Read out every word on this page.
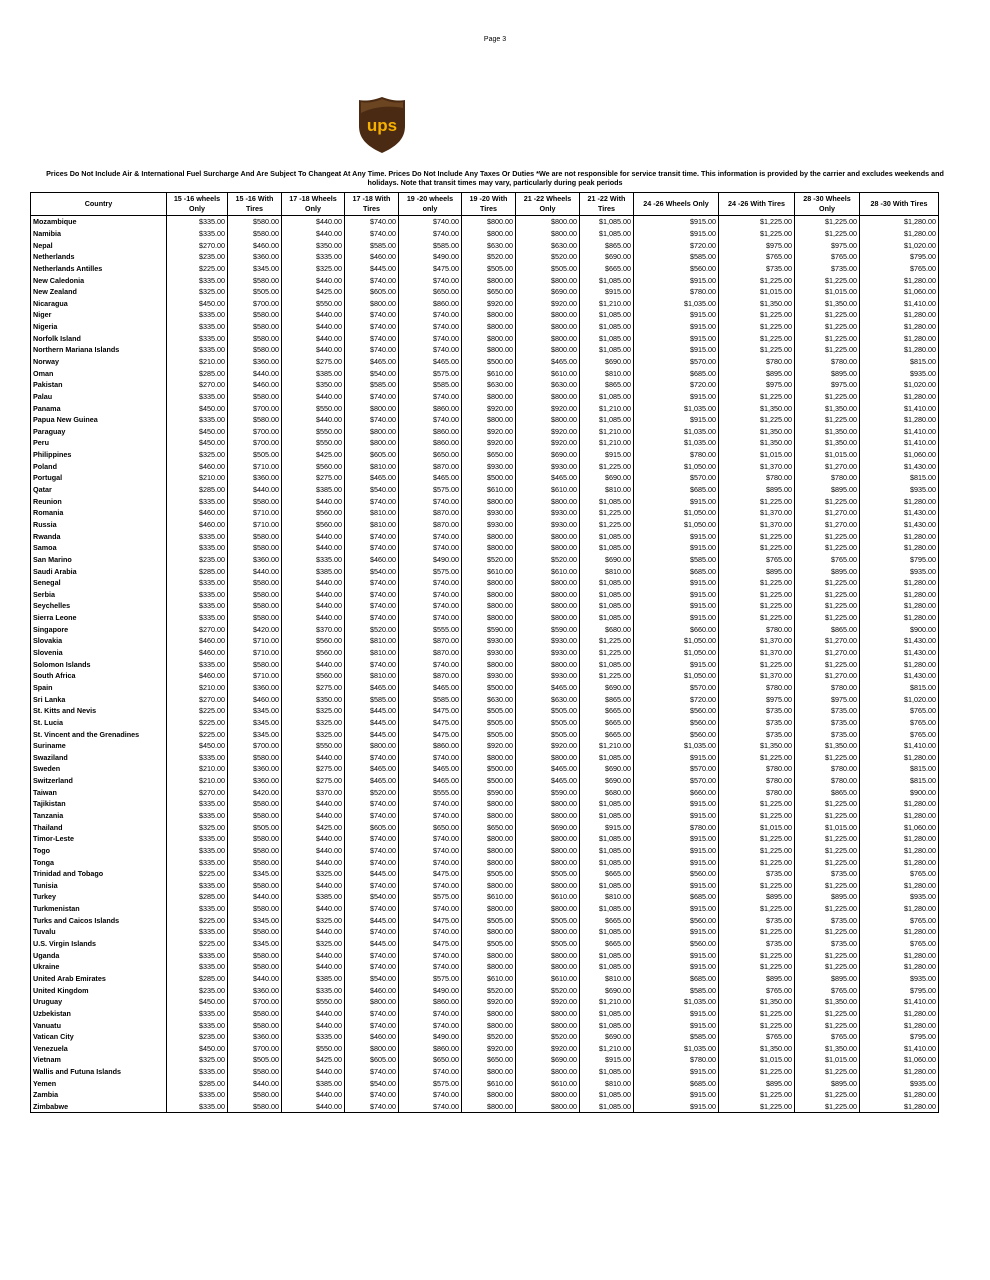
Page 3
ups
Prices Do Not Include Air & International Fuel Surcharge And Are Subject To Changeat At Any Time. Prices Do Not Include Any Taxes Or Duties *We are not responsible for service transit time. This information is provided by the carrier and excludes weekends and holidays. Note that transit times may vary, particularly during peak periods
Country	15 -16 wheels Only	15 -16 With Tires	17 -18 Wheels Only	17 -18 With Tires	19 -20 wheels only	19 -20 With Tires	21 -22 Wheels Only	21 -22 With Tires	24 -26 Wheels Only	24 -26 With Tires	28 -30 Wheels Only	28 -30 With Tires
Mozambique	$335.00	$580.00	$440.00	$740.00	$740.00	$800.00	$800.00	$1,085.00	$915.00	$1,225.00	$1,225.00	$1,280.00
Namibia	$335.00	$580.00	$440.00	$740.00	$740.00	$800.00	$800.00	$1,085.00	$915.00	$1,225.00	$1,225.00	$1,280.00
Nepal	$270.00	$460.00	$350.00	$585.00	$585.00	$630.00	$630.00	$865.00	$720.00	$975.00	$975.00	$1,020.00
Netherlands	$235.00	$360.00	$335.00	$460.00	$490.00	$520.00	$520.00	$690.00	$585.00	$765.00	$765.00	$795.00
Netherlands Antilles	$225.00	$345.00	$325.00	$445.00	$475.00	$505.00	$505.00	$665.00	$560.00	$735.00	$735.00	$765.00
New Caledonia	$335.00	$580.00	$440.00	$740.00	$740.00	$800.00	$800.00	$1,085.00	$915.00	$1,225.00	$1,225.00	$1,280.00
New Zealand	$325.00	$505.00	$425.00	$605.00	$650.00	$650.00	$690.00	$915.00	$780.00	$1,015.00	$1,015.00	$1,060.00
Nicaragua	$450.00	$700.00	$550.00	$800.00	$860.00	$920.00	$920.00	$1,210.00	$1,035.00	$1,350.00	$1,350.00	$1,410.00
Niger	$335.00	$580.00	$440.00	$740.00	$740.00	$800.00	$800.00	$1,085.00	$915.00	$1,225.00	$1,225.00	$1,280.00
Nigeria	$335.00	$580.00	$440.00	$740.00	$740.00	$800.00	$800.00	$1,085.00	$915.00	$1,225.00	$1,225.00	$1,280.00
Norfolk Island	$335.00	$580.00	$440.00	$740.00	$740.00	$800.00	$800.00	$1,085.00	$915.00	$1,225.00	$1,225.00	$1,280.00
Northern Mariana Islands	$335.00	$580.00	$440.00	$740.00	$740.00	$800.00	$800.00	$1,085.00	$915.00	$1,225.00	$1,225.00	$1,280.00
Norway	$210.00	$360.00	$275.00	$465.00	$465.00	$500.00	$465.00	$690.00	$570.00	$780.00	$780.00	$815.00
Oman	$285.00	$440.00	$385.00	$540.00	$575.00	$610.00	$610.00	$810.00	$685.00	$895.00	$895.00	$935.00
Pakistan	$270.00	$460.00	$350.00	$585.00	$585.00	$630.00	$630.00	$865.00	$720.00	$975.00	$975.00	$1,020.00
Palau	$335.00	$580.00	$440.00	$740.00	$740.00	$800.00	$800.00	$1,085.00	$915.00	$1,225.00	$1,225.00	$1,280.00
Panama	$450.00	$700.00	$550.00	$800.00	$860.00	$920.00	$920.00	$1,210.00	$1,035.00	$1,350.00	$1,350.00	$1,410.00
Papua New Guinea	$335.00	$580.00	$440.00	$740.00	$740.00	$800.00	$800.00	$1,085.00	$915.00	$1,225.00	$1,225.00	$1,280.00
Paraguay	$450.00	$700.00	$550.00	$800.00	$860.00	$920.00	$920.00	$1,210.00	$1,035.00	$1,350.00	$1,350.00	$1,410.00
Peru	$450.00	$700.00	$550.00	$800.00	$860.00	$920.00	$920.00	$1,210.00	$1,035.00	$1,350.00	$1,350.00	$1,410.00
Philippines	$325.00	$505.00	$425.00	$605.00	$650.00	$650.00	$690.00	$915.00	$780.00	$1,015.00	$1,015.00	$1,060.00
Poland	$460.00	$710.00	$560.00	$810.00	$870.00	$930.00	$930.00	$1,225.00	$1,050.00	$1,370.00	$1,270.00	$1,430.00
Portugal	$210.00	$360.00	$275.00	$465.00	$465.00	$500.00	$465.00	$690.00	$570.00	$780.00	$780.00	$815.00
Qatar	$285.00	$440.00	$385.00	$540.00	$575.00	$610.00	$610.00	$810.00	$685.00	$895.00	$895.00	$935.00
Reunion	$335.00	$580.00	$440.00	$740.00	$740.00	$800.00	$800.00	$1,085.00	$915.00	$1,225.00	$1,225.00	$1,280.00
Romania	$460.00	$710.00	$560.00	$810.00	$870.00	$930.00	$930.00	$1,225.00	$1,050.00	$1,370.00	$1,270.00	$1,430.00
Russia	$460.00	$710.00	$560.00	$810.00	$870.00	$930.00	$930.00	$1,225.00	$1,050.00	$1,370.00	$1,270.00	$1,430.00
Rwanda	$335.00	$580.00	$440.00	$740.00	$740.00	$800.00	$800.00	$1,085.00	$915.00	$1,225.00	$1,225.00	$1,280.00
Samoa	$335.00	$580.00	$440.00	$740.00	$740.00	$800.00	$800.00	$1,085.00	$915.00	$1,225.00	$1,225.00	$1,280.00
San Marino	$235.00	$360.00	$335.00	$460.00	$490.00	$520.00	$520.00	$690.00	$585.00	$765.00	$765.00	$795.00
Saudi Arabia	$285.00	$440.00	$385.00	$540.00	$575.00	$610.00	$610.00	$810.00	$685.00	$895.00	$895.00	$935.00
Senegal	$335.00	$580.00	$440.00	$740.00	$740.00	$800.00	$800.00	$1,085.00	$915.00	$1,225.00	$1,225.00	$1,280.00
Serbia	$335.00	$580.00	$440.00	$740.00	$740.00	$800.00	$800.00	$1,085.00	$915.00	$1,225.00	$1,225.00	$1,280.00
Seychelles	$335.00	$580.00	$440.00	$740.00	$740.00	$800.00	$800.00	$1,085.00	$915.00	$1,225.00	$1,225.00	$1,280.00
Sierra Leone	$335.00	$580.00	$440.00	$740.00	$740.00	$800.00	$800.00	$1,085.00	$915.00	$1,225.00	$1,225.00	$1,280.00
Singapore	$270.00	$420.00	$370.00	$520.00	$555.00	$590.00	$590.00	$680.00	$660.00	$780.00	$865.00	$900.00
Slovakia	$460.00	$710.00	$560.00	$810.00	$870.00	$930.00	$930.00	$1,225.00	$1,050.00	$1,370.00	$1,270.00	$1,430.00
Slovenia	$460.00	$710.00	$560.00	$810.00	$870.00	$930.00	$930.00	$1,225.00	$1,050.00	$1,370.00	$1,270.00	$1,430.00
Solomon Islands	$335.00	$580.00	$440.00	$740.00	$740.00	$800.00	$800.00	$1,085.00	$915.00	$1,225.00	$1,225.00	$1,280.00
South Africa	$460.00	$710.00	$560.00	$810.00	$870.00	$930.00	$930.00	$1,225.00	$1,050.00	$1,370.00	$1,270.00	$1,430.00
Spain	$210.00	$360.00	$275.00	$465.00	$465.00	$500.00	$465.00	$690.00	$570.00	$780.00	$780.00	$815.00
Sri Lanka	$270.00	$460.00	$350.00	$585.00	$585.00	$630.00	$630.00	$865.00	$720.00	$975.00	$975.00	$1,020.00
St. Kitts and Nevis	$225.00	$345.00	$325.00	$445.00	$475.00	$505.00	$505.00	$665.00	$560.00	$735.00	$735.00	$765.00
St. Lucia	$225.00	$345.00	$325.00	$445.00	$475.00	$505.00	$505.00	$665.00	$560.00	$735.00	$735.00	$765.00
St. Vincent and the Grenadines	$225.00	$345.00	$325.00	$445.00	$475.00	$505.00	$505.00	$665.00	$560.00	$735.00	$735.00	$765.00
Suriname	$450.00	$700.00	$550.00	$800.00	$860.00	$920.00	$920.00	$1,210.00	$1,035.00	$1,350.00	$1,350.00	$1,410.00
Swaziland	$335.00	$580.00	$440.00	$740.00	$740.00	$800.00	$800.00	$1,085.00	$915.00	$1,225.00	$1,225.00	$1,280.00
Sweden	$210.00	$360.00	$275.00	$465.00	$465.00	$500.00	$465.00	$690.00	$570.00	$780.00	$780.00	$815.00
Switzerland	$210.00	$360.00	$275.00	$465.00	$465.00	$500.00	$465.00	$690.00	$570.00	$780.00	$780.00	$815.00
Taiwan	$270.00	$420.00	$370.00	$520.00	$555.00	$590.00	$590.00	$680.00	$660.00	$780.00	$865.00	$900.00
Tajikistan	$335.00	$580.00	$440.00	$740.00	$740.00	$800.00	$800.00	$1,085.00	$915.00	$1,225.00	$1,225.00	$1,280.00
Tanzania	$335.00	$580.00	$440.00	$740.00	$740.00	$800.00	$800.00	$1,085.00	$915.00	$1,225.00	$1,225.00	$1,280.00
Thailand	$325.00	$505.00	$425.00	$605.00	$650.00	$650.00	$690.00	$915.00	$780.00	$1,015.00	$1,015.00	$1,060.00
Timor-Leste	$335.00	$580.00	$440.00	$740.00	$740.00	$800.00	$800.00	$1,085.00	$915.00	$1,225.00	$1,225.00	$1,280.00
Togo	$335.00	$580.00	$440.00	$740.00	$740.00	$800.00	$800.00	$1,085.00	$915.00	$1,225.00	$1,225.00	$1,280.00
Tonga	$335.00	$580.00	$440.00	$740.00	$740.00	$800.00	$800.00	$1,085.00	$915.00	$1,225.00	$1,225.00	$1,280.00
Trinidad and Tobago	$225.00	$345.00	$325.00	$445.00	$475.00	$505.00	$505.00	$665.00	$560.00	$735.00	$735.00	$765.00
Tunisia	$335.00	$580.00	$440.00	$740.00	$740.00	$800.00	$800.00	$1,085.00	$915.00	$1,225.00	$1,225.00	$1,280.00
Turkey	$285.00	$440.00	$385.00	$540.00	$575.00	$610.00	$610.00	$810.00	$685.00	$895.00	$895.00	$935.00
Turkmenistan	$335.00	$580.00	$440.00	$740.00	$740.00	$800.00	$800.00	$1,085.00	$915.00	$1,225.00	$1,225.00	$1,280.00
Turks and Caicos Islands	$225.00	$345.00	$325.00	$445.00	$475.00	$505.00	$505.00	$665.00	$560.00	$735.00	$735.00	$765.00
Tuvalu	$335.00	$580.00	$440.00	$740.00	$740.00	$800.00	$800.00	$1,085.00	$915.00	$1,225.00	$1,225.00	$1,280.00
U.S. Virgin Islands	$225.00	$345.00	$325.00	$445.00	$475.00	$505.00	$505.00	$665.00	$560.00	$735.00	$735.00	$765.00
Uganda	$335.00	$580.00	$440.00	$740.00	$740.00	$800.00	$800.00	$1,085.00	$915.00	$1,225.00	$1,225.00	$1,280.00
Ukraine	$335.00	$580.00	$440.00	$740.00	$740.00	$800.00	$800.00	$1,085.00	$915.00	$1,225.00	$1,225.00	$1,280.00
United Arab Emirates	$285.00	$440.00	$385.00	$540.00	$575.00	$610.00	$610.00	$810.00	$685.00	$895.00	$895.00	$935.00
United Kingdom	$235.00	$360.00	$335.00	$460.00	$490.00	$520.00	$520.00	$690.00	$585.00	$765.00	$765.00	$795.00
Uruguay	$450.00	$700.00	$550.00	$800.00	$860.00	$920.00	$920.00	$1,210.00	$1,035.00	$1,350.00	$1,350.00	$1,410.00
Uzbekistan	$335.00	$580.00	$440.00	$740.00	$740.00	$800.00	$800.00	$1,085.00	$915.00	$1,225.00	$1,225.00	$1,280.00
Vanuatu	$335.00	$580.00	$440.00	$740.00	$740.00	$800.00	$800.00	$1,085.00	$915.00	$1,225.00	$1,225.00	$1,280.00
Vatican City	$235.00	$360.00	$335.00	$460.00	$490.00	$520.00	$520.00	$690.00	$585.00	$765.00	$765.00	$795.00
Venezuela	$450.00	$700.00	$550.00	$800.00	$860.00	$920.00	$920.00	$1,210.00	$1,035.00	$1,350.00	$1,350.00	$1,410.00
Vietnam	$325.00	$505.00	$425.00	$605.00	$650.00	$650.00	$690.00	$915.00	$780.00	$1,015.00	$1,015.00	$1,060.00
Wallis and Futuna Islands	$335.00	$580.00	$440.00	$740.00	$740.00	$800.00	$800.00	$1,085.00	$915.00	$1,225.00	$1,225.00	$1,280.00
Yemen	$285.00	$440.00	$385.00	$540.00	$575.00	$610.00	$610.00	$810.00	$685.00	$895.00	$895.00	$935.00
Zambia	$335.00	$580.00	$440.00	$740.00	$740.00	$800.00	$800.00	$1,085.00	$915.00	$1,225.00	$1,225.00	$1,280.00
Zimbabwe	$335.00	$580.00	$440.00	$740.00	$740.00	$800.00	$800.00	$1,085.00	$915.00	$1,225.00	$1,225.00	$1,280.00
